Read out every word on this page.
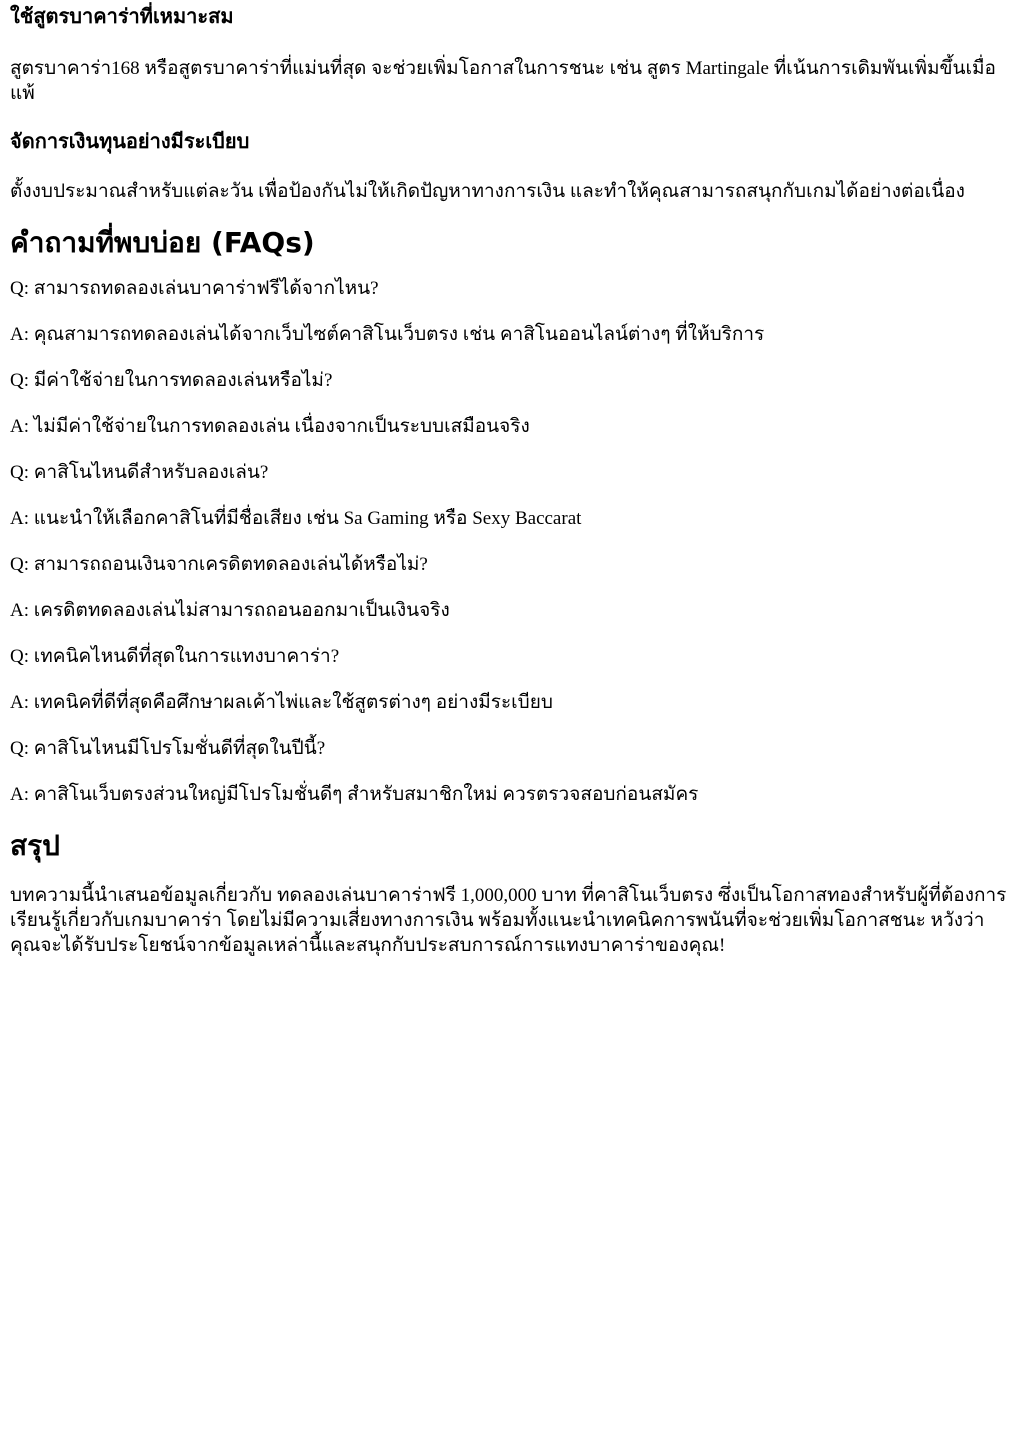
ใช้สูตรบาคาร่าที่เหมาะสม

สูตรบาคาร่า168 หรือสูตรบาคาร่าที่แม่นที่สุด จะช่วยเพิ่มโอกาสในการชนะ เช่น สูตร Martingale ที่เน้นการเดิมพันเพิ่มขึ้นเมื่อแพ้

จัดการเงินทุนอย่างมีระเบียบ

ตั้งงบประมาณสำหรับแต่ละวัน เพื่อป้องกันไม่ให้เกิดปัญหาทางการเงิน และทำให้คุณสามารถสนุกกับเกมได้อย่างต่อเนื่อง

คำถามที่พบบ่อย (FAQs)

Q: สามารถทดลองเล่นบาคาร่าฟรีได้จากไหน?

A: คุณสามารถทดลองเล่นได้จากเว็บไซต์คาสิโนเว็บตรง เช่น คาสิโนออนไลน์ต่างๆ ที่ให้บริการ

Q: มีค่าใช้จ่ายในการทดลองเล่นหรือไม่?

A: ไม่มีค่าใช้จ่ายในการทดลองเล่น เนื่องจากเป็นระบบเสมือนจริง

Q: คาสิโนไหนดีสำหรับลองเล่น?

A: แนะนำให้เลือกคาสิโนที่มีชื่อเสียง เช่น Sa Gaming หรือ Sexy Baccarat

Q: สามารถถอนเงินจากเครดิตทดลองเล่นได้หรือไม่?

A: เครดิตทดลองเล่นไม่สามารถถอนออกมาเป็นเงินจริง

Q: เทคนิคไหนดีที่สุดในการแทงบาคาร่า?

A: เทคนิคที่ดีที่สุดคือศึกษาผลเค้าไพ่และใช้สูตรต่างๆ อย่างมีระเบียบ

Q: คาสิโนไหนมีโปรโมชั่นดีที่สุดในปีนี้?

A: คาสิโนเว็บตรงส่วนใหญ่มีโปรโมชั่นดีๆ สำหรับสมาชิกใหม่ ควรตรวจสอบก่อนสมัคร

สรุป

บทความนี้นำเสนอข้อมูลเกี่ยวกับ ทดลองเล่นบาคาร่าฟรี 1,000,000 บาท ที่คาสิโนเว็บตรง ซึ่งเป็นโอกาสทองสำหรับผู้ที่ต้องการเรียนรู้เกี่ยวกับเกมบาคาร่า โดยไม่มีความเสี่ยงทางการเงิน พร้อมทั้งแนะนำเทคนิคการพนันที่จะช่วยเพิ่มโอกาสชนะ หวังว่าคุณจะได้รับประโยชน์จากข้อมูลเหล่านี้และสนุกกับประสบการณ์การแทงบาคาร่าของคุณ!
